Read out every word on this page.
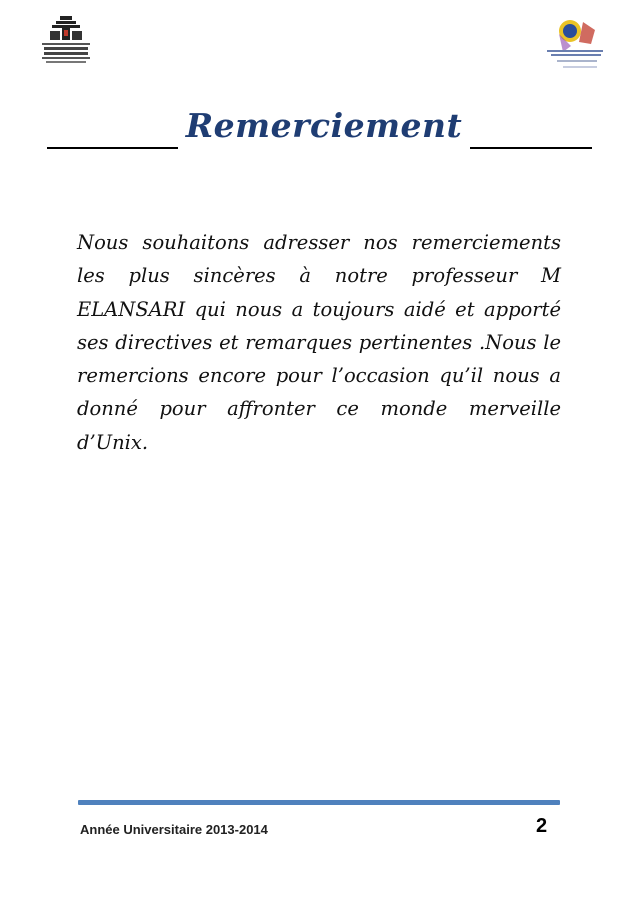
Remerciement
Nous souhaitons adresser nos remerciements les plus sincères à notre professeur M ELANSARI qui nous a toujours aidé et apporté ses directives et remarques pertinentes .Nous le remercions encore pour l’occasion qu’il nous a donné pour affronter ce monde merveille d’Unix.
Année Universitaire 2013-2014	2
